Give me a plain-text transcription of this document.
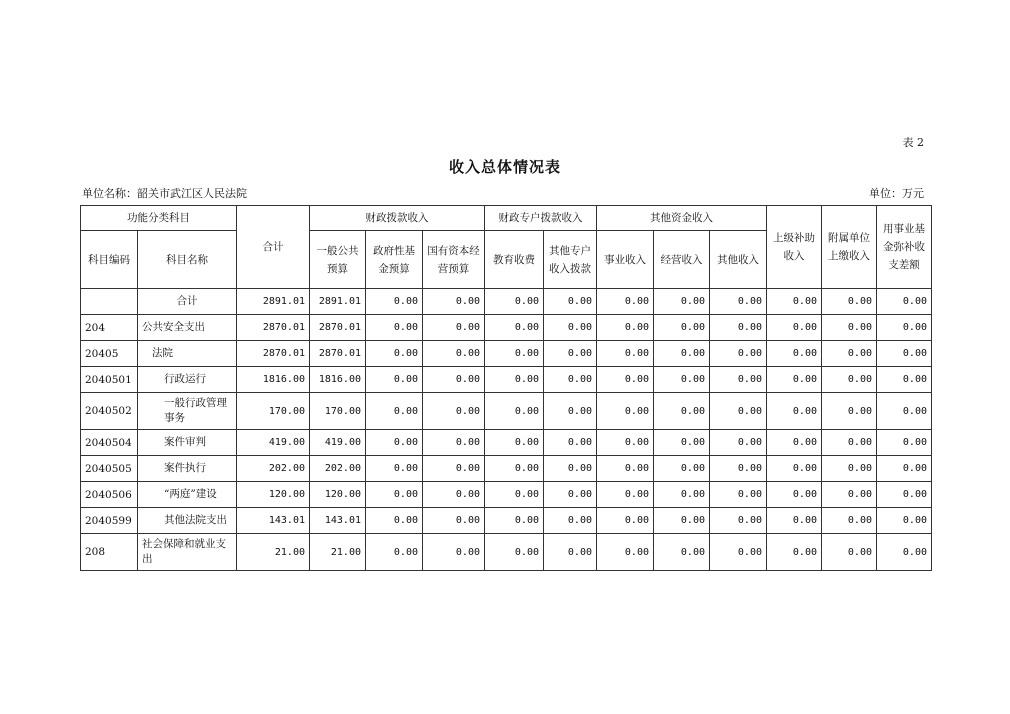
表 2
收入总体情况表
单位名称：韶关市武江区人民法院	单位：万元
功能分类科目		合计	财政拨款收入			财政专户拨款收入		其他资金收入			上级补助收入	附属单位上缴收入	用事业基金弥补收支差额
科目编码	科目名称		一般公共预算	政府性基金预算	国有资本经营预算	教育收费	其他专户收入拨款	事业收入	经营收入	其他收入			
	合计	2891.01	2891.01	0.00	0.00	0.00	0.00	0.00	0.00	0.00	0.00	0.00	0.00
204	公共安全支出	2870.01	2870.01	0.00	0.00	0.00	0.00	0.00	0.00	0.00	0.00	0.00	0.00
20405	法院	2870.01	2870.01	0.00	0.00	0.00	0.00	0.00	0.00	0.00	0.00	0.00	0.00
2040501	行政运行	1816.00	1816.00	0.00	0.00	0.00	0.00	0.00	0.00	0.00	0.00	0.00	0.00
2040502	一般行政管理事务	170.00	170.00	0.00	0.00	0.00	0.00	0.00	0.00	0.00	0.00	0.00	0.00
2040504	案件审判	419.00	419.00	0.00	0.00	0.00	0.00	0.00	0.00	0.00	0.00	0.00	0.00
2040505	案件执行	202.00	202.00	0.00	0.00	0.00	0.00	0.00	0.00	0.00	0.00	0.00	0.00
2040506	“两庭”建设	120.00	120.00	0.00	0.00	0.00	0.00	0.00	0.00	0.00	0.00	0.00	0.00
2040599	其他法院支出	143.01	143.01	0.00	0.00	0.00	0.00	0.00	0.00	0.00	0.00	0.00	0.00
208	社会保障和就业支出	21.00	21.00	0.00	0.00	0.00	0.00	0.00	0.00	0.00	0.00	0.00	0.00
